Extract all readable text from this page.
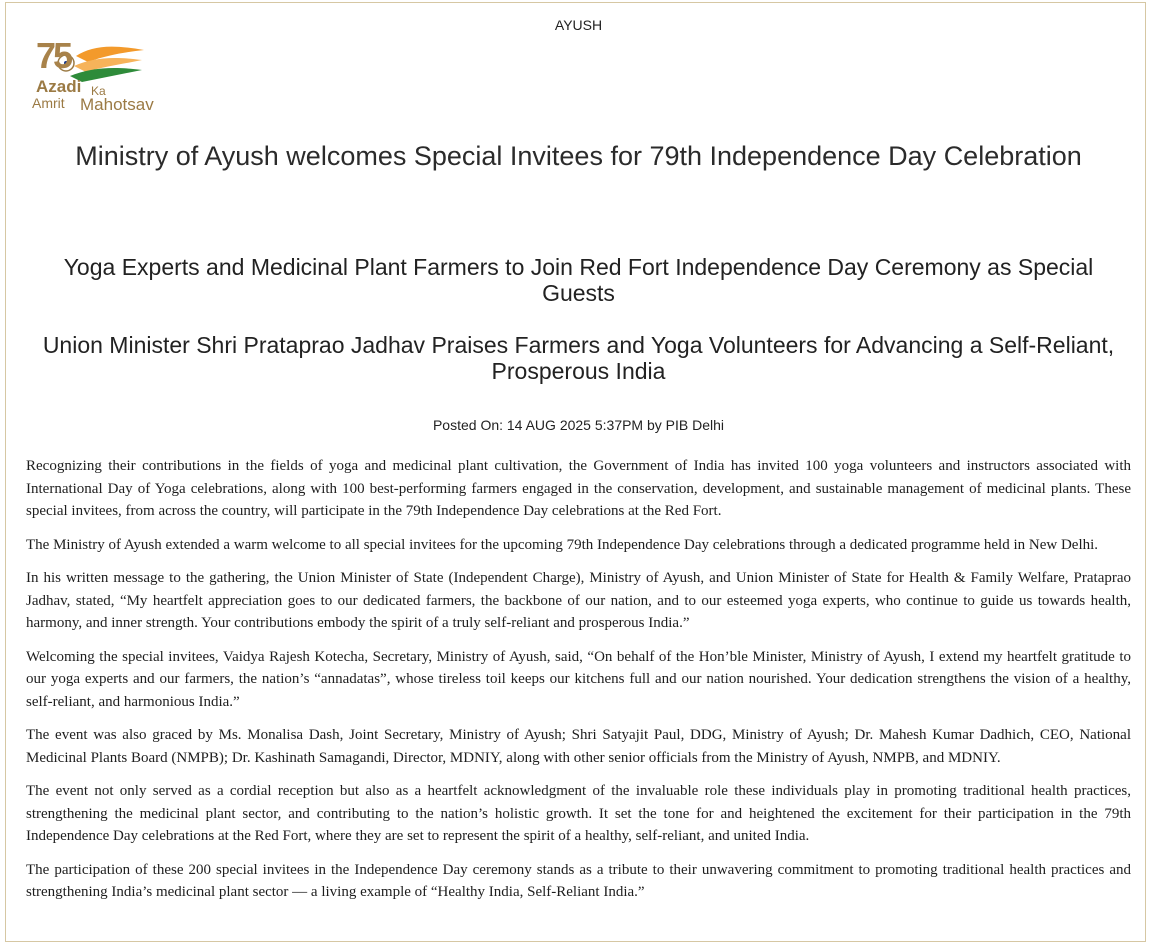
AYUSH
75
Azadi Ka
Amrit Mahotsav
Ministry of Ayush welcomes Special Invitees for 79th Independence Day Celebration
Yoga Experts and Medicinal Plant Farmers to Join Red Fort Independence Day Ceremony as Special Guests
Union Minister Shri Prataprao Jadhav Praises Farmers and Yoga Volunteers for Advancing a Self-Reliant, Prosperous India
Posted On: 14 AUG 2025 5:37PM by PIB Delhi

Recognizing their contributions in the fields of yoga and medicinal plant cultivation, the Government of India has invited 100 yoga volunteers and instructors associated with International Day of Yoga celebrations, along with 100 best-performing farmers engaged in the conservation, development, and sustainable management of medicinal plants. These special invitees, from across the country, will participate in the 79th Independence Day celebrations at the Red Fort.

The Ministry of Ayush extended a warm welcome to all special invitees for the upcoming 79th Independence Day celebrations through a dedicated programme held in New Delhi.

In his written message to the gathering, the Union Minister of State (Independent Charge), Ministry of Ayush, and Union Minister of State for Health & Family Welfare, Prataprao Jadhav, stated, “My heartfelt appreciation goes to our dedicated farmers, the backbone of our nation, and to our esteemed yoga experts, who continue to guide us towards health, harmony, and inner strength. Your contributions embody the spirit of a truly self-reliant and prosperous India.”

Welcoming the special invitees, Vaidya Rajesh Kotecha, Secretary, Ministry of Ayush, said, “On behalf of the Hon’ble Minister, Ministry of Ayush, I extend my heartfelt gratitude to our yoga experts and our farmers, the nation’s “annadatas”, whose tireless toil keeps our kitchens full and our nation nourished. Your dedication strengthens the vision of a healthy, self-reliant, and harmonious India.”

The event was also graced by Ms. Monalisa Dash, Joint Secretary, Ministry of Ayush; Shri Satyajit Paul, DDG, Ministry of Ayush; Dr. Mahesh Kumar Dadhich, CEO, National Medicinal Plants Board (NMPB); Dr. Kashinath Samagandi, Director, MDNIY, along with other senior officials from the Ministry of Ayush, NMPB, and MDNIY.

The event not only served as a cordial reception but also as a heartfelt acknowledgment of the invaluable role these individuals play in promoting traditional health practices, strengthening the medicinal plant sector, and contributing to the nation’s holistic growth. It set the tone for and heightened the excitement for their participation in the 79th Independence Day celebrations at the Red Fort, where they are set to represent the spirit of a healthy, self-reliant, and united India.

The participation of these 200 special invitees in the Independence Day ceremony stands as a tribute to their unwavering commitment to promoting traditional health practices and strengthening India’s medicinal plant sector — a living example of “Healthy India, Self-Reliant India.”
